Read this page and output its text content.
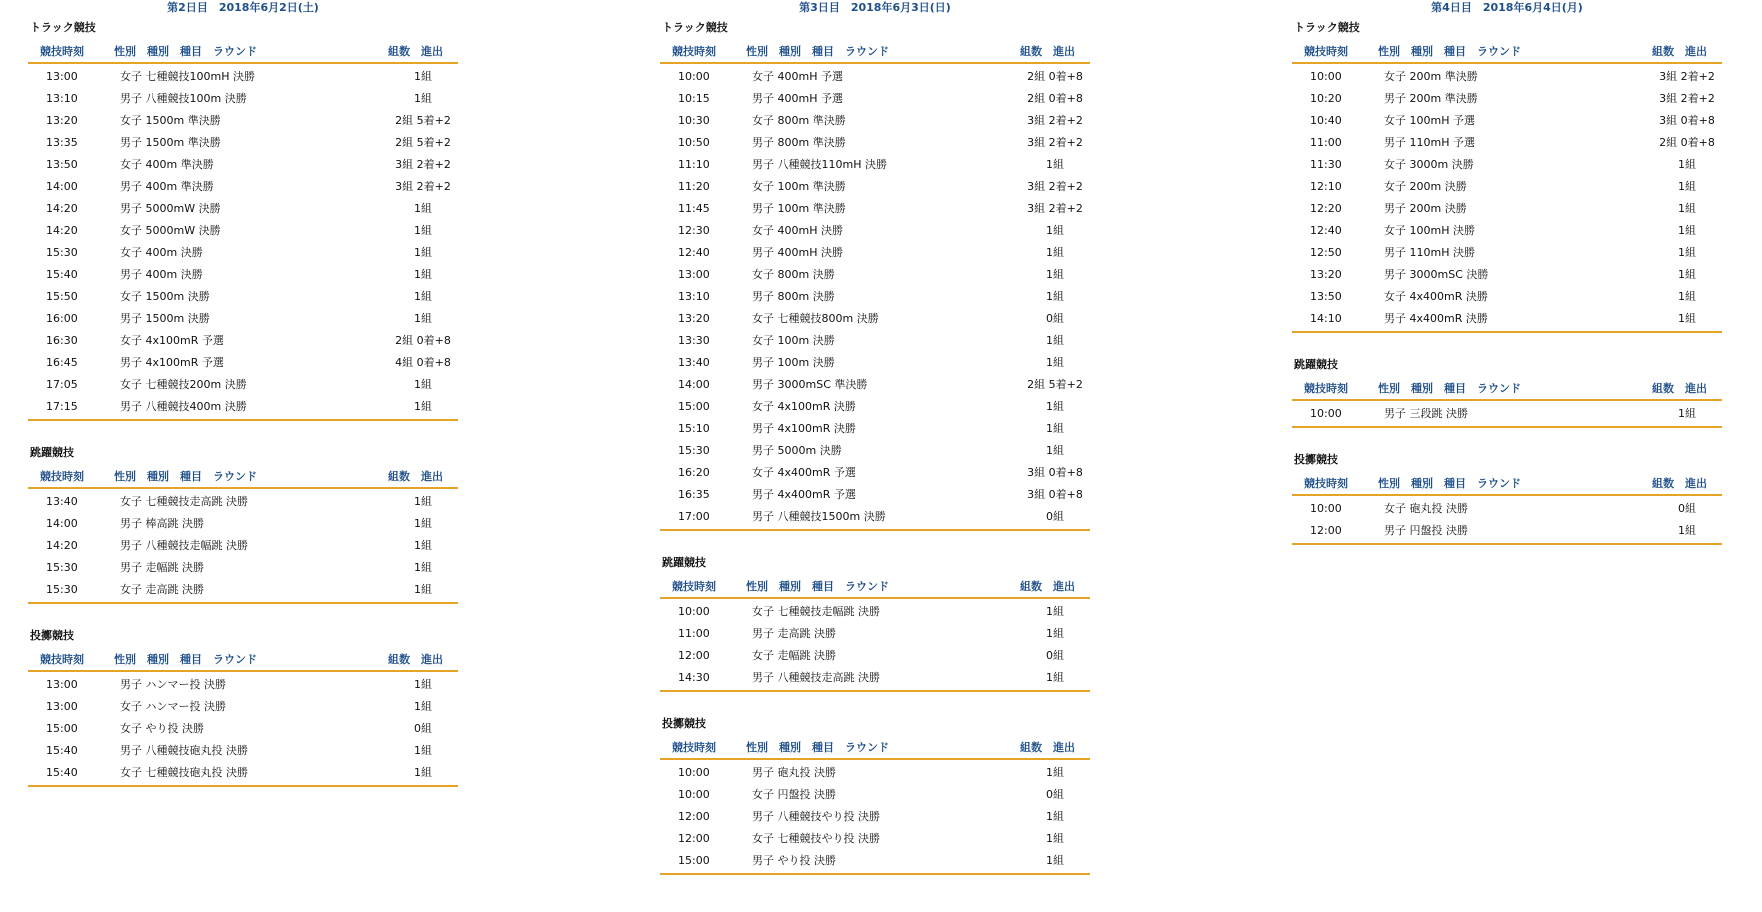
第2日目　2018年6月2日(土)
トラック競技
競技時刻	性別　種別　種目　ラウンド	組数　進出
13:00	女子 七種競技100mH 決勝	1組
13:10	男子 八種競技100m 決勝	1組
13:20	女子 1500m 準決勝	2組 5着+2
13:35	男子 1500m 準決勝	2組 5着+2
13:50	女子 400m 準決勝	3組 2着+2
14:00	男子 400m 準決勝	3組 2着+2
14:20	男子 5000mW 決勝	1組
14:20	女子 5000mW 決勝	1組
15:30	女子 400m 決勝	1組
15:40	男子 400m 決勝	1組
15:50	女子 1500m 決勝	1組
16:00	男子 1500m 決勝	1組
16:30	女子 4x100mR 予選	2組 0着+8
16:45	男子 4x100mR 予選	4組 0着+8
17:05	女子 七種競技200m 決勝	1組
17:15	男子 八種競技400m 決勝	1組
跳躍競技
競技時刻	性別　種別　種目　ラウンド	組数　進出
13:40	女子 七種競技走高跳 決勝	1組
14:00	男子 棒高跳 決勝	1組
14:20	男子 八種競技走幅跳 決勝	1組
15:30	男子 走幅跳 決勝	1組
15:30	女子 走高跳 決勝	1組
投擲競技
競技時刻	性別　種別　種目　ラウンド	組数　進出
13:00	男子 ハンマー投 決勝	1組
13:00	女子 ハンマー投 決勝	1組
15:00	女子 やり投 決勝	0組
15:40	男子 八種競技砲丸投 決勝	1組
15:40	女子 七種競技砲丸投 決勝	1組
第3日目　2018年6月3日(日)
トラック競技
競技時刻	性別　種別　種目　ラウンド	組数　進出
10:00	女子 400mH 予選	2組 0着+8
10:15	男子 400mH 予選	2組 0着+8
10:30	女子 800m 準決勝	3組 2着+2
10:50	男子 800m 準決勝	3組 2着+2
11:10	男子 八種競技110mH 決勝	1組
11:20	女子 100m 準決勝	3組 2着+2
11:45	男子 100m 準決勝	3組 2着+2
12:30	女子 400mH 決勝	1組
12:40	男子 400mH 決勝	1組
13:00	女子 800m 決勝	1組
13:10	男子 800m 決勝	1組
13:20	女子 七種競技800m 決勝	0組
13:30	女子 100m 決勝	1組
13:40	男子 100m 決勝	1組
14:00	男子 3000mSC 準決勝	2組 5着+2
15:00	女子 4x100mR 決勝	1組
15:10	男子 4x100mR 決勝	1組
15:30	男子 5000m 決勝	1組
16:20	女子 4x400mR 予選	3組 0着+8
16:35	男子 4x400mR 予選	3組 0着+8
17:00	男子 八種競技1500m 決勝	0組
跳躍競技
競技時刻	性別　種別　種目　ラウンド	組数　進出
10:00	女子 七種競技走幅跳 決勝	1組
11:00	男子 走高跳 決勝	1組
12:00	女子 走幅跳 決勝	0組
14:30	男子 八種競技走高跳 決勝	1組
投擲競技
競技時刻	性別　種別　種目　ラウンド	組数　進出
10:00	男子 砲丸投 決勝	1組
10:00	女子 円盤投 決勝	0組
12:00	男子 八種競技やり投 決勝	1組
12:00	女子 七種競技やり投 決勝	1組
15:00	男子 やり投 決勝	1組
第4日目　2018年6月4日(月)
トラック競技
競技時刻	性別　種別　種目　ラウンド	組数　進出
10:00	女子 200m 準決勝	3組 2着+2
10:20	男子 200m 準決勝	3組 2着+2
10:40	女子 100mH 予選	3組 0着+8
11:00	男子 110mH 予選	2組 0着+8
11:30	女子 3000m 決勝	1組
12:10	女子 200m 決勝	1組
12:20	男子 200m 決勝	1組
12:40	女子 100mH 決勝	1組
12:50	男子 110mH 決勝	1組
13:20	男子 3000mSC 決勝	1組
13:50	女子 4x400mR 決勝	1組
14:10	男子 4x400mR 決勝	1組
跳躍競技
競技時刻	性別　種別　種目　ラウンド	組数　進出
10:00	男子 三段跳 決勝	1組
投擲競技
競技時刻	性別　種別　種目　ラウンド	組数　進出
10:00	女子 砲丸投 決勝	0組
12:00	男子 円盤投 決勝	1組
